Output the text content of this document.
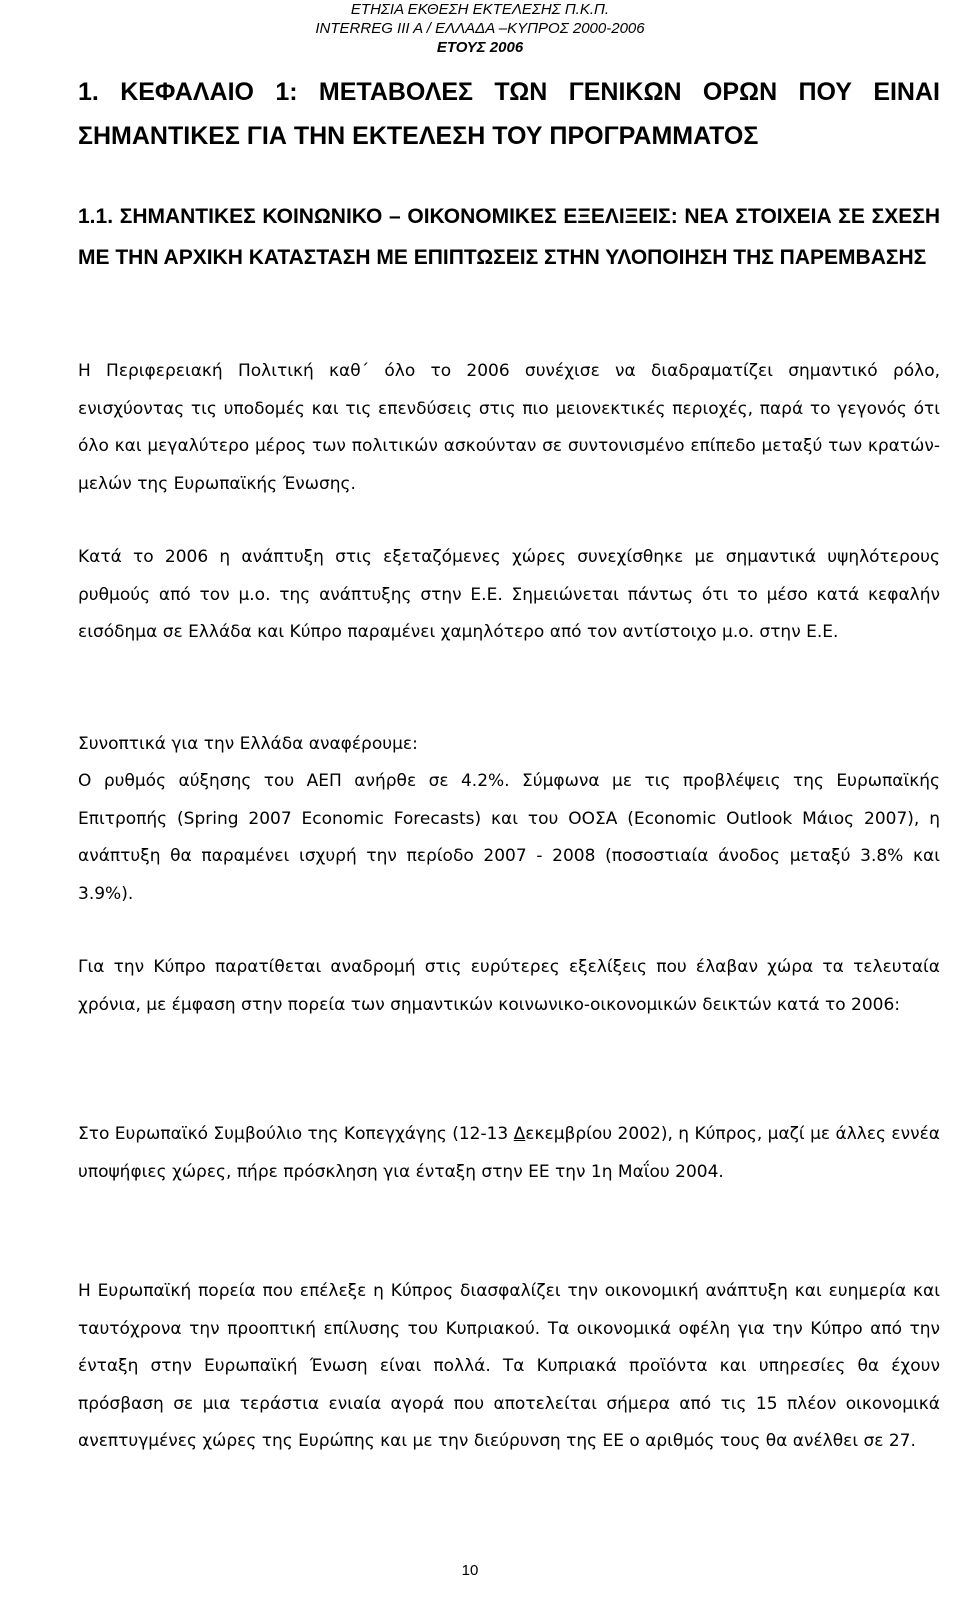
ΕΤΗΣΙΑ ΕΚΘΕΣΗ ΕΚΤΕΛΕΣΗΣ Π.Κ.Π.
INTERREG III A / ΕΛΛΑΔΑ –ΚΥΠΡΟΣ 2000-2006
ΕΤΟΥΣ 2006
1. ΚΕΦΑΛΑΙΟ 1: ΜΕΤΑΒΟΛΕΣ ΤΩΝ ΓΕΝΙΚΩΝ ΟΡΩΝ ΠΟΥ ΕΙΝΑΙ ΣΗΜΑΝΤΙΚΕΣ ΓΙΑ ΤΗΝ ΕΚΤΕΛΕΣΗ ΤΟΥ ΠΡΟΓΡΑΜΜΑΤΟΣ
1.1. ΣΗΜΑΝΤΙΚΕΣ ΚΟΙΝΩΝΙΚΟ – ΟΙΚΟΝΟΜΙΚΕΣ ΕΞΕΛΙΞΕΙΣ: ΝΕΑ ΣΤΟΙΧΕΙΑ ΣΕ ΣΧΕΣΗ ΜΕ ΤΗΝ ΑΡΧΙΚΗ ΚΑΤΑΣΤΑΣΗ ΜΕ ΕΠΙΠΤΩΣΕΙΣ ΣΤΗΝ ΥΛΟΠΟΙΗΣΗ ΤΗΣ ΠΑΡΕΜΒΑΣΗΣ

Η Περιφερειακή Πολιτική καθ΄ όλο το 2006 συνέχισε να διαδραματίζει σημαντικό ρόλο, ενισχύοντας τις υποδομές και τις επενδύσεις στις πιο μειονεκτικές περιοχές, παρά το γεγονός ότι όλο και μεγαλύτερο μέρος των πολιτικών ασκούνταν σε συντονισμένο επίπεδο μεταξύ των κρατών-μελών της Ευρωπαϊκής Ένωσης.

Κατά το 2006 η ανάπτυξη στις εξεταζόμενες χώρες συνεχίσθηκε με σημαντικά υψηλότερους ρυθμούς από τον μ.ο. της ανάπτυξης στην Ε.Ε. Σημειώνεται πάντως ότι το μέσο κατά κεφαλήν εισόδημα σε Ελλάδα και Κύπρο παραμένει χαμηλότερο από τον αντίστοιχο μ.ο. στην Ε.Ε.

Συνοπτικά για την Ελλάδα αναφέρουμε:

Ο ρυθμός αύξησης του ΑΕΠ ανήρθε σε 4.2%. Σύμφωνα με τις προβλέψεις της Ευρωπαϊκής Επιτροπής (Spring 2007 Economic Forecasts) και του ΟΟΣΑ (Economic Outlook Μάιος 2007), η ανάπτυξη θα παραμένει ισχυρή την περίοδο 2007 - 2008 (ποσοστιαία άνοδος μεταξύ 3.8% και 3.9%).

Για την Κύπρο παρατίθεται αναδρομή στις ευρύτερες εξελίξεις που έλαβαν χώρα τα τελευταία χρόνια, με έμφαση στην πορεία των σημαντικών κοινωνικο-οικονομικών δεικτών κατά το 2006:

Στο Ευρωπαϊκό Συμβούλιο της Κοπεγχάγης (12-13 Δεκεμβρίου 2002), η Κύπρος, μαζί με άλλες εννέα υποψήφιες χώρες, πήρε πρόσκληση για ένταξη στην ΕΕ την 1η Μαΐου 2004.

Η Ευρωπαϊκή πορεία που επέλεξε η Κύπρος διασφαλίζει την οικονομική ανάπτυξη και ευημερία και ταυτόχρονα την προοπτική επίλυσης του Κυπριακού. Τα οικονομικά οφέλη για την Κύπρο από την ένταξη στην Ευρωπαϊκή Ένωση είναι πολλά. Τα Κυπριακά προϊόντα και υπηρεσίες θα έχουν πρόσβαση σε μια τεράστια ενιαία αγορά που αποτελείται σήμερα από τις 15 πλέον οικονομικά ανεπτυγμένες χώρες της Ευρώπης και με την διεύρυνση της ΕΕ ο αριθμός τους θα ανέλθει σε 27.

10
